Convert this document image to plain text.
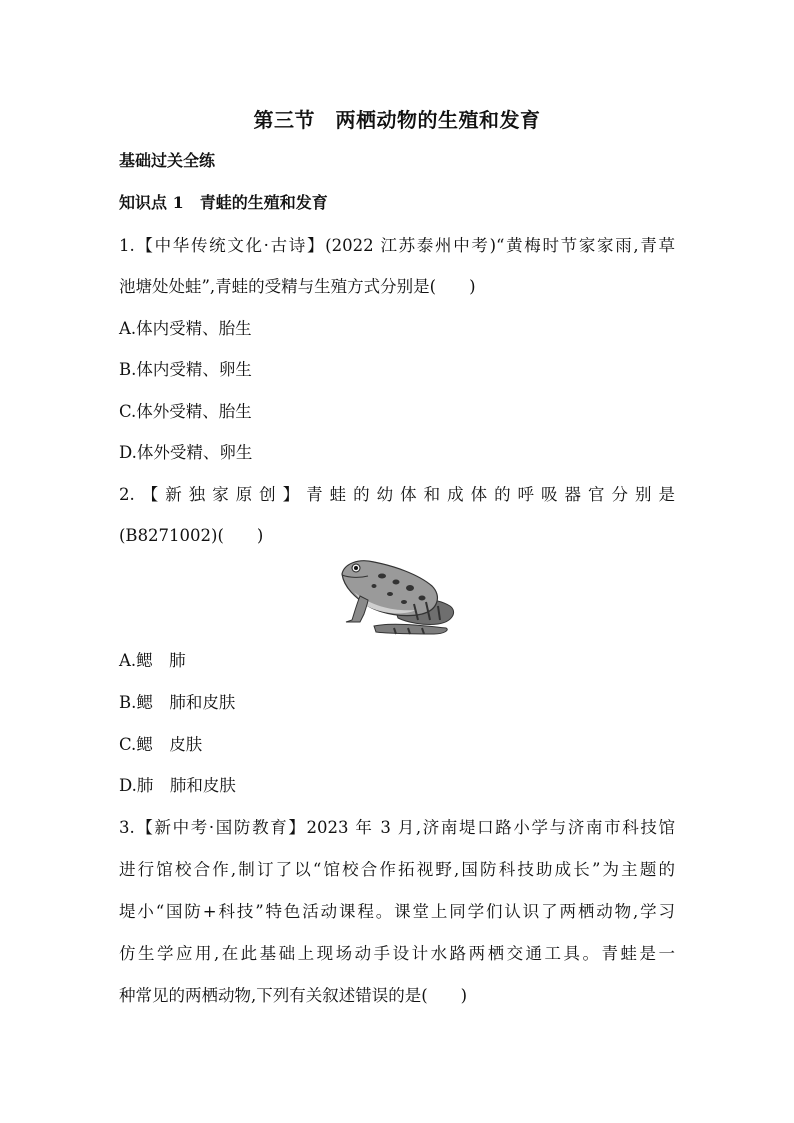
第三节　两栖动物的生殖和发育
基础过关全练
知识点 1　青蛙的生殖和发育
1.【中华传统文化·古诗】(2022 江苏泰州中考)“黄梅时节家家雨,青草
池塘处处蛙”,青蛙的受精与生殖方式分别是(　　)
A.体内受精、胎生
B.体内受精、卵生
C.体外受精、胎生
D.体外受精、卵生
2.【新独家原创】青蛙的幼体和成体的呼吸器官分别是
(B8271002)(　　)
A.鳃　肺
B.鳃　肺和皮肤
C.鳃　皮肤
D.肺　肺和皮肤
3.【新中考·国防教育】2023 年 3 月,济南堤口路小学与济南市科技馆
进行馆校合作,制订了以“馆校合作拓视野,国防科技助成长”为主题的
堤小“国防+科技”特色活动课程。课堂上同学们认识了两栖动物,学习
仿生学应用,在此基础上现场动手设计水路两栖交通工具。青蛙是一
种常见的两栖动物,下列有关叙述错误的是(　　)
